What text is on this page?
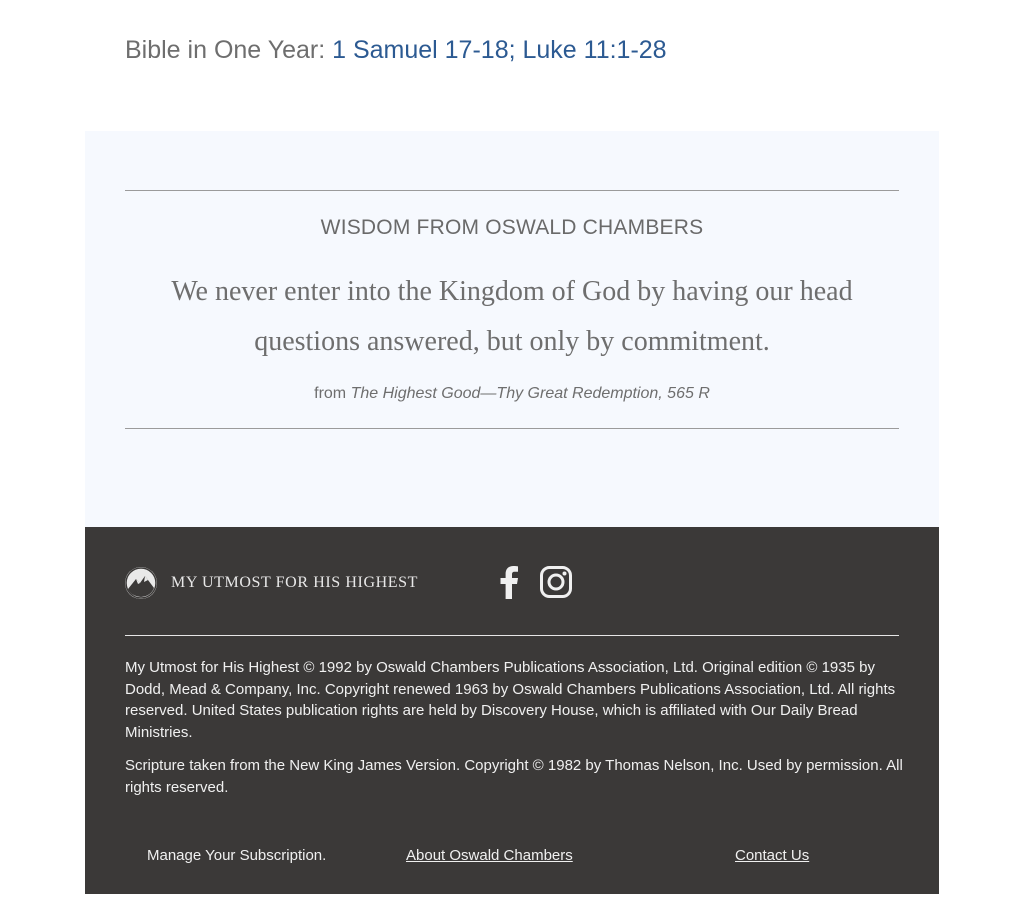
Bible in One Year: 1 Samuel 17-18; Luke 11:1-28
WISDOM FROM OSWALD CHAMBERS
We never enter into the Kingdom of God by having our head questions answered, but only by commitment.
from The Highest Good—Thy Great Redemption, 565 R
MY UTMOST FOR HIS HIGHEST

My Utmost for His Highest © 1992 by Oswald Chambers Publications Association, Ltd. Original edition © 1935 by Dodd, Mead & Company, Inc. Copyright renewed 1963 by Oswald Chambers Publications Association, Ltd. All rights reserved. United States publication rights are held by Discovery House, which is affiliated with Our Daily Bread Ministries.

Scripture taken from the New King James Version. Copyright © 1982 by Thomas Nelson, Inc. Used by permission. All rights reserved.

Manage Your Subscription.	About Oswald Chambers	Contact Us
